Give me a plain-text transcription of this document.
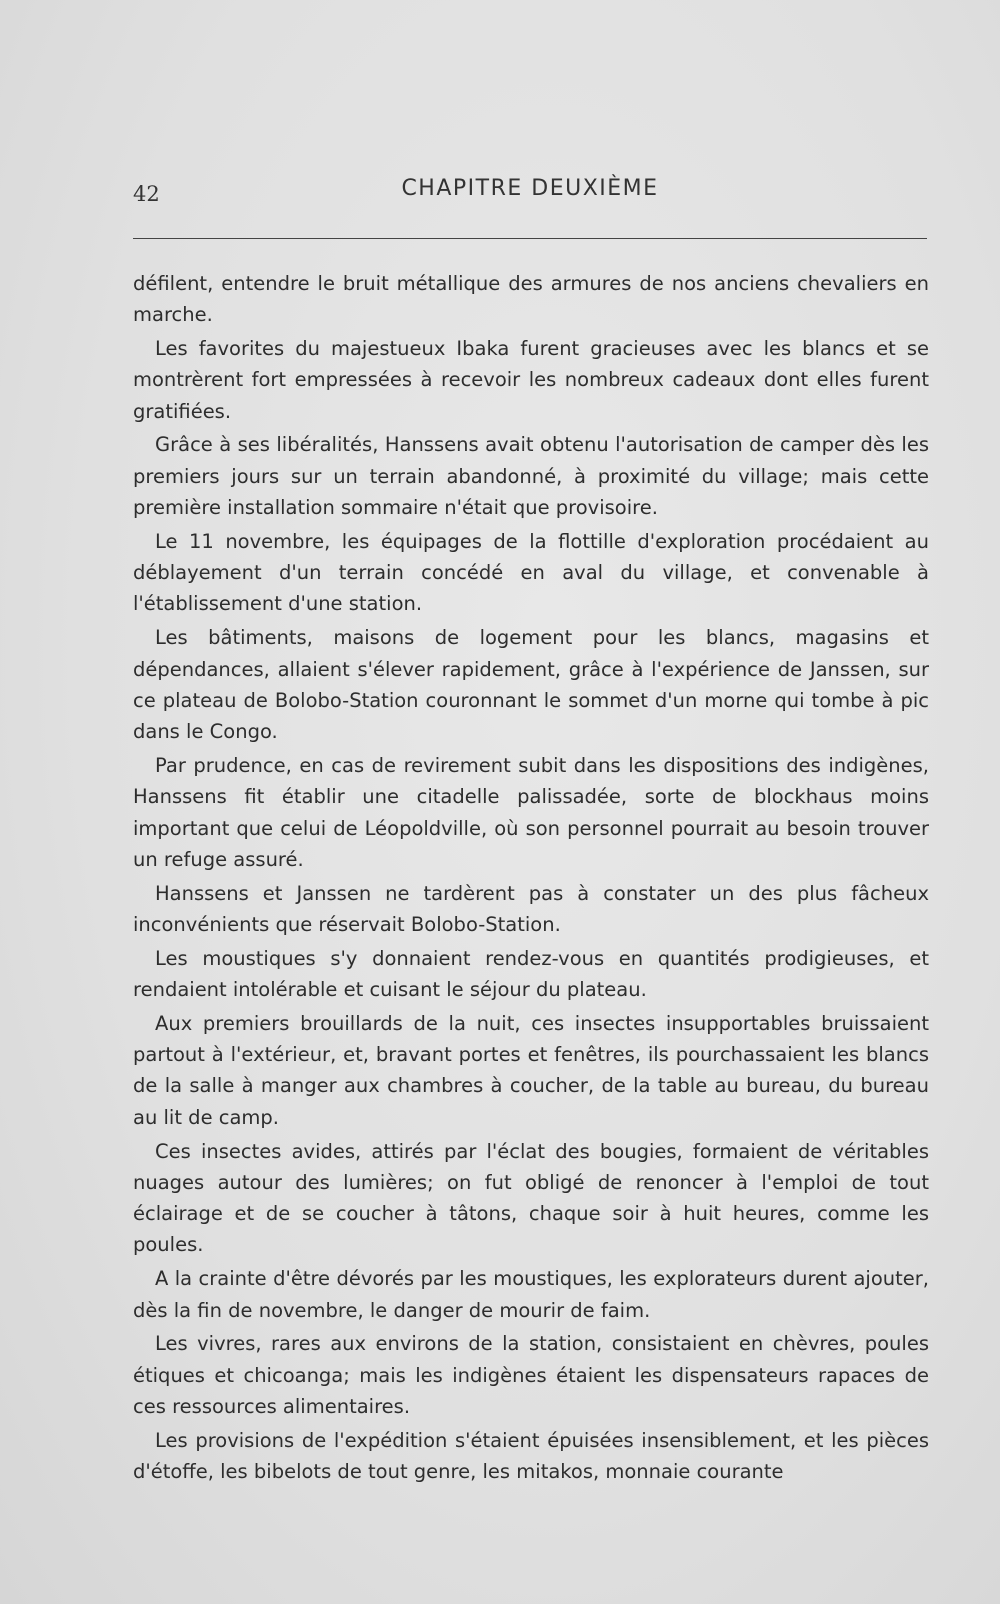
42	CHAPITRE DEUXIÈME

défilent, entendre le bruit métallique des armures de nos anciens chevaliers en marche.

Les favorites du majestueux Ibaka furent gracieuses avec les blancs et se montrèrent fort empressées à recevoir les nombreux cadeaux dont elles furent gratifiées.

Grâce à ses libéralités, Hanssens avait obtenu l'autorisation de camper dès les premiers jours sur un terrain abandonné, à proximité du village; mais cette première installation sommaire n'était que provisoire.

Le 11 novembre, les équipages de la flottille d'exploration procédaient au déblayement d'un terrain concédé en aval du village, et convenable à l'établissement d'une station.

Les bâtiments, maisons de logement pour les blancs, magasins et dépendances, allaient s'élever rapidement, grâce à l'expérience de Janssen, sur ce plateau de Bolobo-Station couronnant le sommet d'un morne qui tombe à pic dans le Congo.

Par prudence, en cas de revirement subit dans les dispositions des indigènes, Hanssens fit établir une citadelle palissadée, sorte de blockhaus moins important que celui de Léopoldville, où son personnel pourrait au besoin trouver un refuge assuré.

Hanssens et Janssen ne tardèrent pas à constater un des plus fâcheux inconvénients que réservait Bolobo-Station.

Les moustiques s'y donnaient rendez-vous en quantités prodigieuses, et rendaient intolérable et cuisant le séjour du plateau.

Aux premiers brouillards de la nuit, ces insectes insupportables bruissaient partout à l'extérieur, et, bravant portes et fenêtres, ils pourchassaient les blancs de la salle à manger aux chambres à coucher, de la table au bureau, du bureau au lit de camp.

Ces insectes avides, attirés par l'éclat des bougies, formaient de véritables nuages autour des lumières; on fut obligé de renoncer à l'emploi de tout éclairage et de se coucher à tâtons, chaque soir à huit heures, comme les poules.

A la crainte d'être dévorés par les moustiques, les explorateurs durent ajouter, dès la fin de novembre, le danger de mourir de faim.

Les vivres, rares aux environs de la station, consistaient en chèvres, poules étiques et chicoanga; mais les indigènes étaient les dispensateurs rapaces de ces ressources alimentaires.

Les provisions de l'expédition s'étaient épuisées insensiblement, et les pièces d'étoffe, les bibelots de tout genre, les mitakos, monnaie courante
